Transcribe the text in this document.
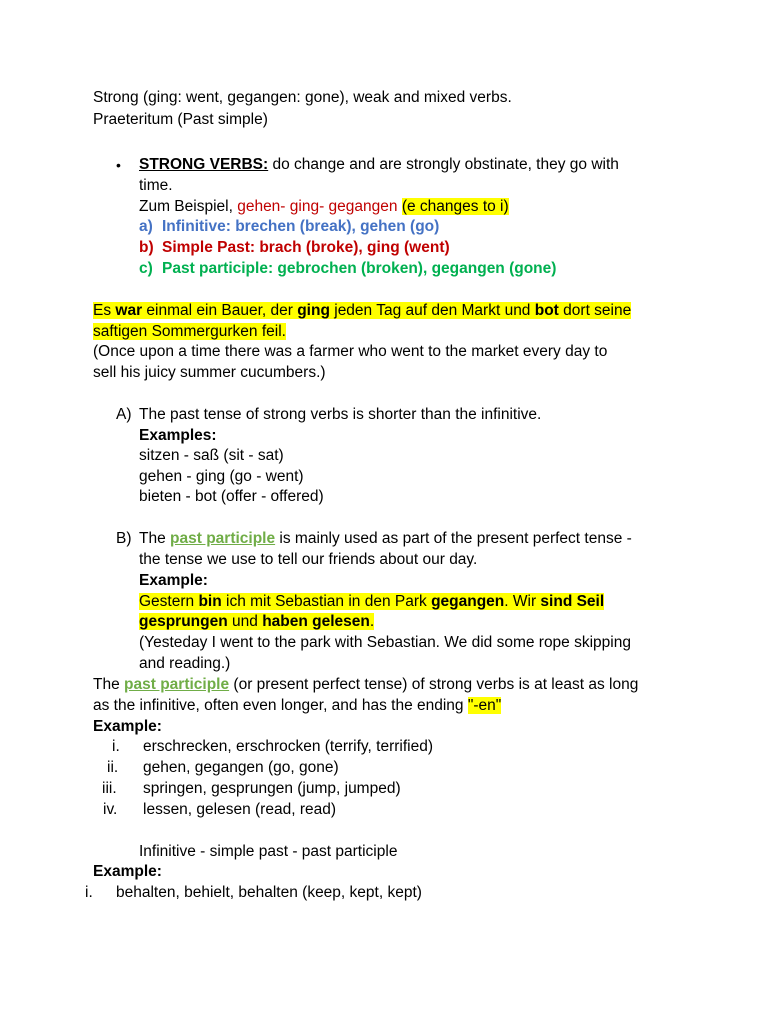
Strong (ging: went, gegangen: gone), weak and mixed verbs.
Praeteritum (Past simple)
• STRONG VERBS: do change and are strongly obstinate, they go with
time.
Zum Beispiel, gehen- ging- gegangen (e changes to i)
a) Infinitive: brechen (break), gehen (go)
b) Simple Past: brach (broke), ging (went)
c) Past participle: gebrochen (broken), gegangen (gone)
Es war einmal ein Bauer, der ging jeden Tag auf den Markt und bot dort seine
saftigen Sommergurken feil.
(Once upon a time there was a farmer who went to the market every day to
sell his juicy summer cucumbers.)
A) The past tense of strong verbs is shorter than the infinitive.
Examples:
sitzen - saß (sit - sat)
gehen - ging (go - went)
bieten - bot (offer - offered)
B) The past participle is mainly used as part of the present perfect tense -
the tense we use to tell our friends about our day.
Example:
Gestern bin ich mit Sebastian in den Park gegangen. Wir sind Seil
gesprungen und haben gelesen.
(Yesteday I went to the park with Sebastian. We did some rope skipping
and reading.)
The past participle (or present perfect tense) of strong verbs is at least as long
as the infinitive, often even longer, and has the ending "-en"
Example:
i. erschrecken, erschrocken (terrify, terrified)
ii. gehen, gegangen (go, gone)
iii. springen, gesprungen (jump, jumped)
iv. lessen, gelesen (read, read)
Infinitive - simple past - past participle
Example:
i. behalten, behielt, behalten (keep, kept, kept)
